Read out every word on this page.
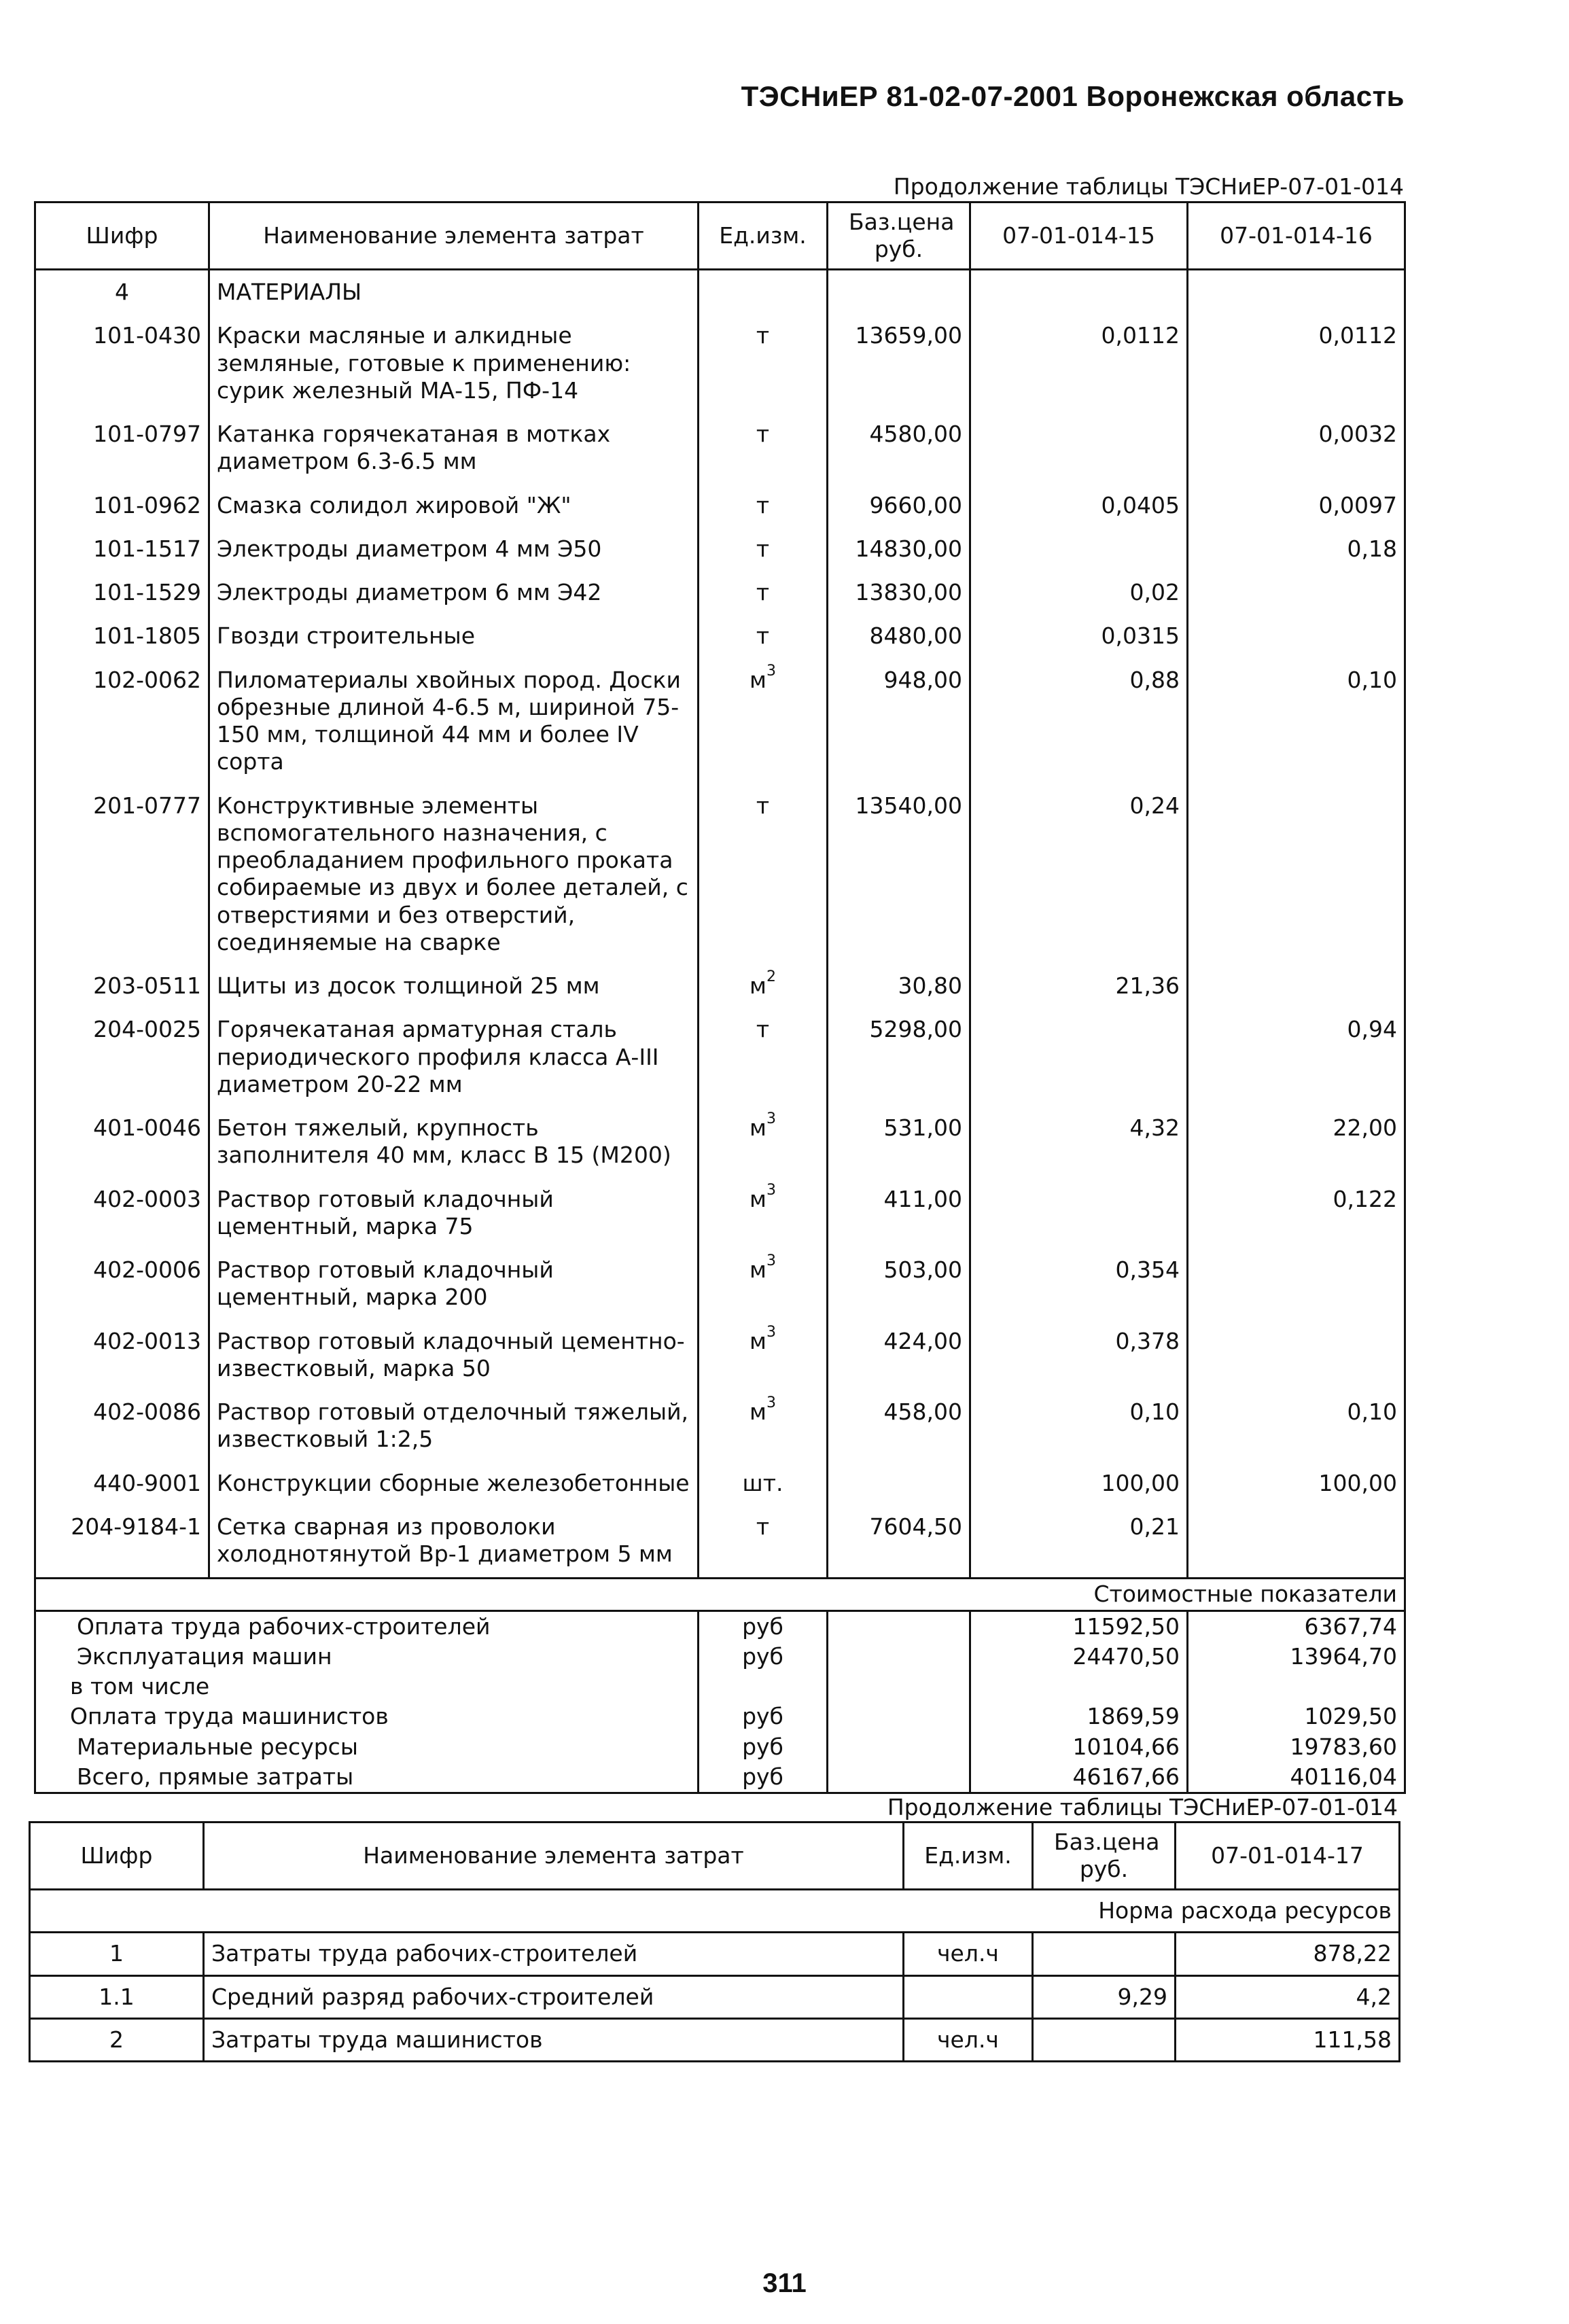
ТЭСНиЕР 81-02-07-2001 Воронежская область
Продолжение таблицы ТЭСНиЕР-07-01-014
Шифр	Наименование элемента затрат	Ед.изм.	Баз.цена руб.	07-01-014-15	07-01-014-16
4	МАТЕРИАЛЫ				
101-0430	Краски масляные и алкидные земляные, готовые к применению: сурик железный МА-15, ПФ-14	т	13659,00	0,0112	0,0112
101-0797	Катанка горячекатаная в мотках диаметром 6.3-6.5 мм	т	4580,00		0,0032
101-0962	Смазка солидол жировой "Ж"	т	9660,00	0,0405	0,0097
101-1517	Электроды диаметром 4 мм Э50	т	14830,00		0,18
101-1529	Электроды диаметром 6 мм Э42	т	13830,00	0,02	
101-1805	Гвозди строительные	т	8480,00	0,0315	
102-0062	Пиломатериалы хвойных пород. Доски обрезные длиной 4-6.5 м, шириной 75-150 мм, толщиной 44 мм и более IV сорта	$м^3$	948,00	0,88	0,10
201-0777	Конструктивные элементы вспомогательного назначения, с преобладанием профильного проката собираемые из двух и более деталей, с отверстиями и без отверстий, соединяемые на сварке	т	13540,00	0,24	
203-0511	Щиты из досок толщиной 25 мм	$м^2$	30,80	21,36	
204-0025	Горячекатаная арматурная сталь периодического профиля класса А-III диаметром 20-22 мм	т	5298,00		0,94
401-0046	Бетон тяжелый, крупность заполнителя 40 мм, класс В 15 (М200)	$м^3$	531,00	4,32	22,00
402-0003	Раствор готовый кладочный цементный, марка 75	$м^3$	411,00		0,122
402-0006	Раствор готовый кладочный цементный, марка 200	$м^3$	503,00	0,354	
402-0013	Раствор готовый кладочный цементно-известковый, марка 50	$м^3$	424,00	0,378	
402-0086	Раствор готовый отделочный тяжелый, известковый 1:2,5	$м^3$	458,00	0,10	0,10
440-9001	Конструкции сборные железобетонные	шт.		100,00	100,00
204-9184-1	Сетка сварная из проволоки холоднотянутой Вр-1 диаметром 5 мм	т	7604,50	0,21	
Стоимостные показатели					
Оплата труда рабочих-строителей		руб		11592,50	6367,74
Эксплуатация машин		руб		24470,50	13964,70
в том числе					
Оплата труда машинистов		руб		1869,59	1029,50
Материальные ресурсы		руб		10104,66	19783,60
Всего, прямые затраты		руб		46167,66	40116,04
Продолжение таблицы ТЭСНиЕР-07-01-014
Шифр	Наименование элемента затрат	Ед.изм.	Баз.цена руб.	07-01-014-17
Норма расхода ресурсов				
1	Затраты труда рабочих-строителей	чел.ч		878,22
1.1	Средний разряд рабочих-строителей		9,29	4,2
2	Затраты труда машинистов	чел.ч		111,58
311
